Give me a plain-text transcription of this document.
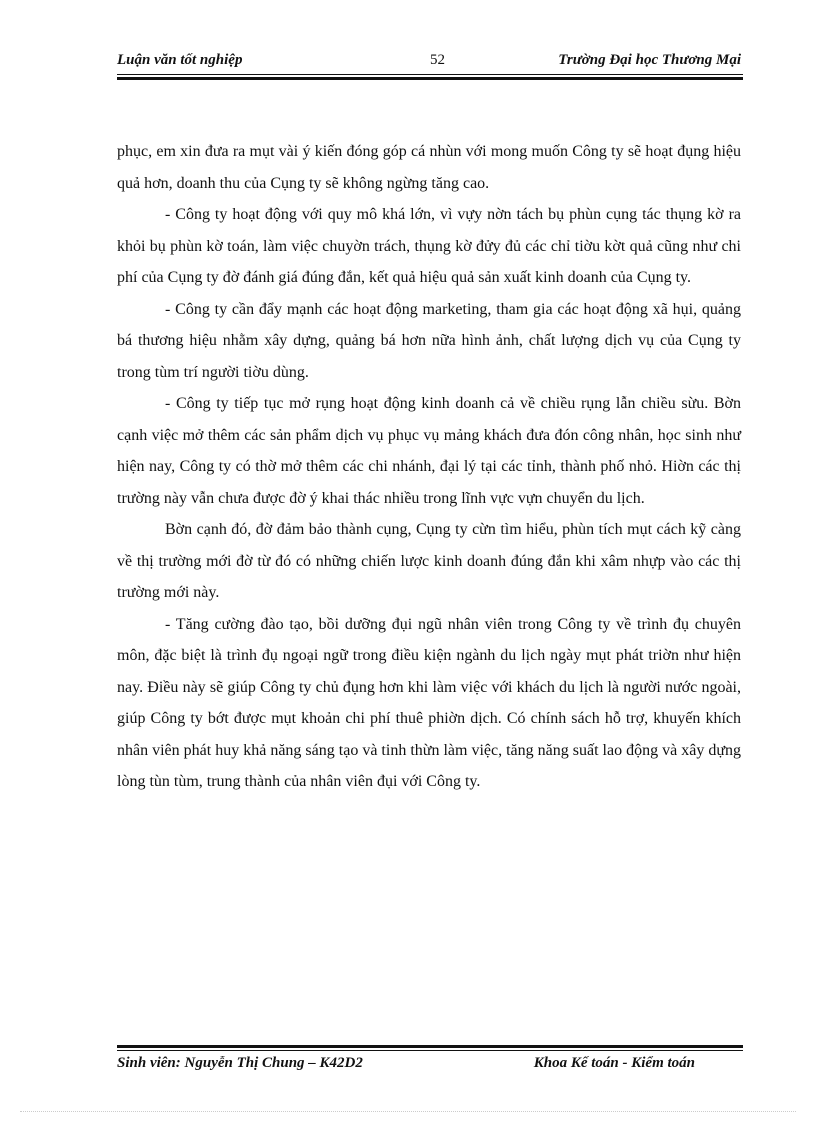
Luận văn tốt nghiệp	52	Trường Đại học Thương Mại

phục, em xin đưa ra mụt vài ý kiến đóng góp cá nhùn với mong muốn Công ty sẽ hoạt đụng hiệu quả hơn, doanh thu của Cụng ty sẽ không ngừng tăng cao.

- Công ty hoạt động với quy mô khá lớn, vì vựy nờn tách bụ phùn cụng tác thụng kờ ra khỏi bụ phùn kờ toán, làm việc chuyờn trách, thụng kờ đửy đủ các chỉ tiờu kờt quả cũng như chi phí của Cụng ty đờ đánh giá đúng đắn, kết quả hiệu quả sản xuất kinh doanh của Cụng ty.

- Công ty cần đẩy mạnh các hoạt động marketing, tham gia các hoạt động xã hụi, quảng bá thương hiệu nhằm xây dựng, quảng bá hơn nữa hình ảnh, chất lượng dịch vụ của Cụng ty trong tùm trí người tiờu dùng.

- Công ty tiếp tục mở rụng hoạt động kinh doanh cả về chiều rụng lẫn chiều sừu. Bờn cạnh việc mở thêm các sản phẩm dịch vụ phục vụ mảng khách đưa đón công nhân, học sinh như hiện nay, Công ty có thờ mở thêm các chi nhánh, đại lý tại các tỉnh, thành phố nhỏ. Hiờn các thị trường này vẫn chưa được đờ ý khai thác nhiều trong lĩnh vực vựn chuyển du lịch.

Bờn cạnh đó, đờ đảm bảo thành cụng, Cụng ty cừn tìm hiểu, phùn tích mụt cách kỹ càng về thị trường mới đờ từ đó có những chiến lược kinh doanh đúng đắn khi xâm nhựp vào các thị trường mới này.

- Tăng cường đào tạo, bồi dưỡng đụi ngũ nhân viên trong Công ty về trình đụ chuyên môn, đặc biệt là trình đụ ngoại ngữ trong điều kiện ngành du lịch ngày mụt phát triờn như hiện nay. Điều này sẽ giúp Công ty chủ đụng hơn khi làm việc với khách du lịch là người nước ngoài, giúp Công ty bớt được mụt khoản chi phí thuê phiờn dịch. Có chính sách hỗ trợ, khuyến khích nhân viên phát huy khả năng sáng tạo và tinh thừn làm việc, tăng năng suất lao động và xây dựng lòng tùn tùm, trung thành của nhân viên đụi với Công ty.

Sinh viên: Nguyễn Thị Chung – K42D2	Khoa Kế toán - Kiểm toán
